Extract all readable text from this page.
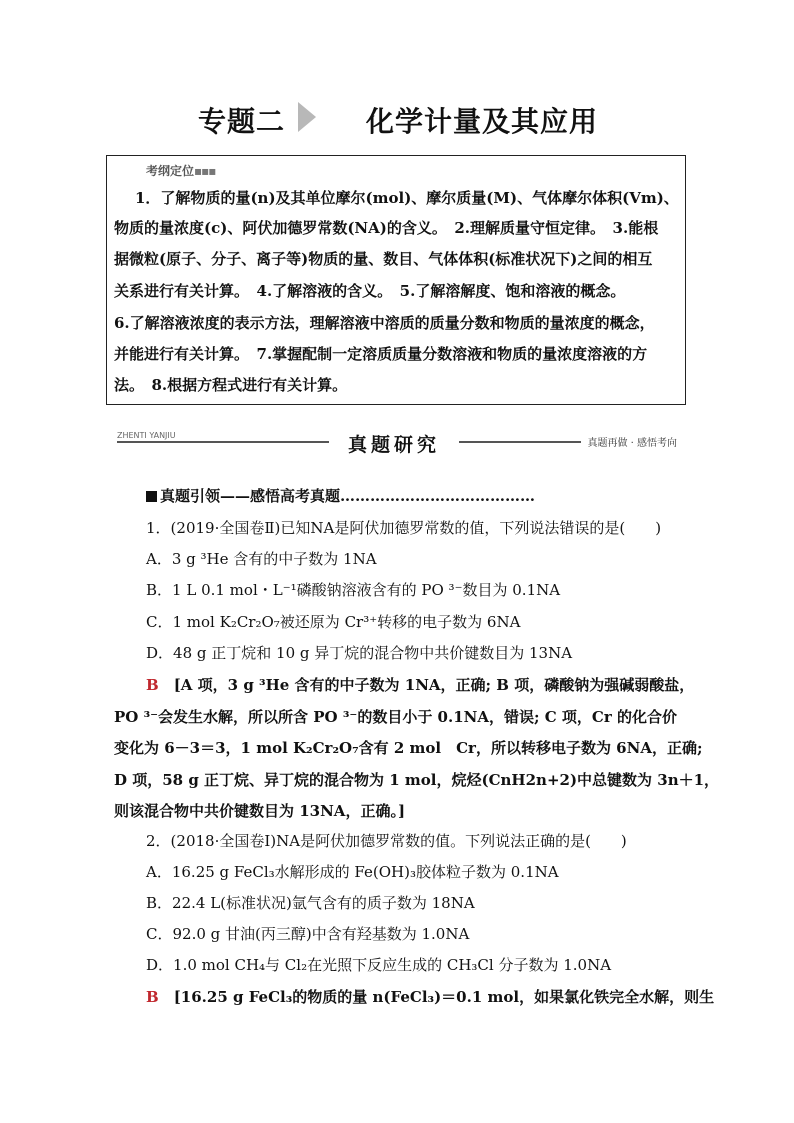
专题二	化学计量及其应用
考纲定位▪▪▪
　1．了解物质的量(n)及其单位摩尔(mol)、摩尔质量(M)、气体摩尔体积(Vm)、
物质的量浓度(c)、阿伏加德罗常数(NA)的含义。　2.理解质量守恒定律。　3.能根
据微粒(原子、分子、离子等)物质的量、数目、气体体积(标准状况下)之间的相互
关系进行有关计算。　4.了解溶液的含义。　5.了解溶解度、饱和溶液的概念。
6.了解溶液浓度的表示方法，理解溶液中溶质的质量分数和物质的量浓度的概念，
并能进行有关计算。　7.掌握配制一定溶质质量分数溶液和物质的量浓度溶液的方
法。　8.根据方程式进行有关计算。
ZHENTI YANJIU	真题研究	真题再做 · 感悟考向
真题引领——感悟高考真题…………………………………
1．(2019·全国卷Ⅱ)已知NA是阿伏加德罗常数的值，下列说法错误的是(　　)
A．3 g ³He 含有的中子数为 1NA
B．1 L 0.1 mol・L⁻¹磷酸钠溶液含有的 PO ³⁻数目为 0.1NA
C．1 mol K₂Cr₂O₇被还原为 Cr³⁺转移的电子数为 6NA
D．48 g 正丁烷和 10 g 异丁烷的混合物中共价键数目为 13NA
B　 [A 项，3 g ³He 含有的中子数为 1NA，正确; B 项，磷酸钠为强碱弱酸盐，
PO ³⁻会发生水解，所以所含 PO ³⁻的数目小于 0.1NA，错误; C 项，Cr 的化合价
变化为 6－3＝3，1 mol K₂Cr₂O₇含有 2 mol　Cr，所以转移电子数为 6NA，正确;
D 项，58 g 正丁烷、异丁烷的混合物为 1 mol，烷烃(CnH2n+2)中总键数为 3n＋1，
则该混合物中共价键数目为 13NA，正确。]
2．(2018·全国卷Ⅰ)NA是阿伏加德罗常数的值。下列说法正确的是(　　)
A．16.25 g FeCl₃水解形成的 Fe(OH)₃胶体粒子数为 0.1NA
B．22.4 L(标准状况)氩气含有的质子数为 18NA
C．92.0 g 甘油(丙三醇)中含有羟基数为 1.0NA
D．1.0 mol CH₄与 Cl₂在光照下反应生成的 CH₃Cl 分子数为 1.0NA
B　 [16.25 g FeCl₃的物质的量 n(FeCl₃)＝0.1 mol，如果氯化铁完全水解，则生
